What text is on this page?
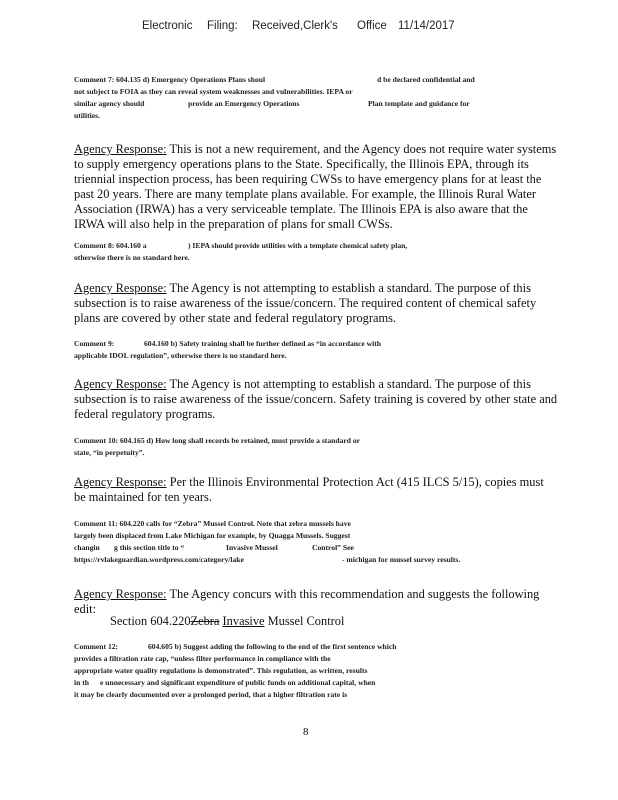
Electronic Filing: Received,Clerk's Office 11/14/2017
Comment 7: 604.135 d) Emergency Operations Plans shoul	d be declared confidential and
not subject to FOIA as they can reveal system weaknesses and vulnerabilities. IEPA or
similar agency should	provide an Emergency Operations	Plan template and guidance for
utilities.
Agency Response: This is not a new requirement, and the Agency does not require water systems
to supply emergency operations plans to the State. Specifically, the Illinois EPA, through its
triennial inspection process, has been requiring CWSs to have emergency plans for at least the
past 20 years. There are many template plans available. For example, the Illinois Rural Water
Association (IRWA) has a very serviceable template. The Illinois EPA is also aware that the
IRWA will also help in the preparation of plans for small CWSs.
Comment 8: 604.160 a	) IEPA should provide utilities with a template chemical safety plan,
otherwise there is no standard here.
Agency Response: The Agency is not attempting to establish a standard. The purpose of this
subsection is to raise awareness of the issue/concern. The required content of chemical safety
plans are covered by other state and federal regulatory programs.
Comment 9:	604.160 b) Safety training shall be further defined as “in accordance with
applicable IDOL regulation”, otherwise there is no standard here.
Agency Response: The Agency is not attempting to establish a standard. The purpose of this
subsection is to raise awareness of the issue/concern. Safety training is covered by other state and
federal regulatory programs.
Comment 10: 604.165 d) How long shall records be retained, must provide a standard or
state, “in perpetuity”.
Agency Response: Per the Illinois Environmental Protection Act (415 ILCS 5/15), copies must
be maintained for ten years.
Comment 11: 604.220 calls for “Zebra” Mussel Control. Note that zebra mussels have
largely been displaced from Lake Michigan for example, by Quagga Mussels. Suggest
changin g this section title to “	Invasive Mussel	Control” See
https://rvlakeguardian.wordpress.com/category/lake	- michigan for mussel survey results.
Agency Response: The Agency concurs with this recommendation and suggests the following
edit:
Section 604.220Zebra Invasive Mussel Control
Comment 12:	604.605 b) Suggest adding the following to the end of the first sentence which
provides a filtration rate cap, “unless filter performance in compliance with the
appropriate water quality regulations is demonstrated”. This regulation, as written, results
in th e unnecessary and significant expenditure of public funds on additional capital, when
it may be clearly documented over a prolonged period, that a higher filtration rate is
8
